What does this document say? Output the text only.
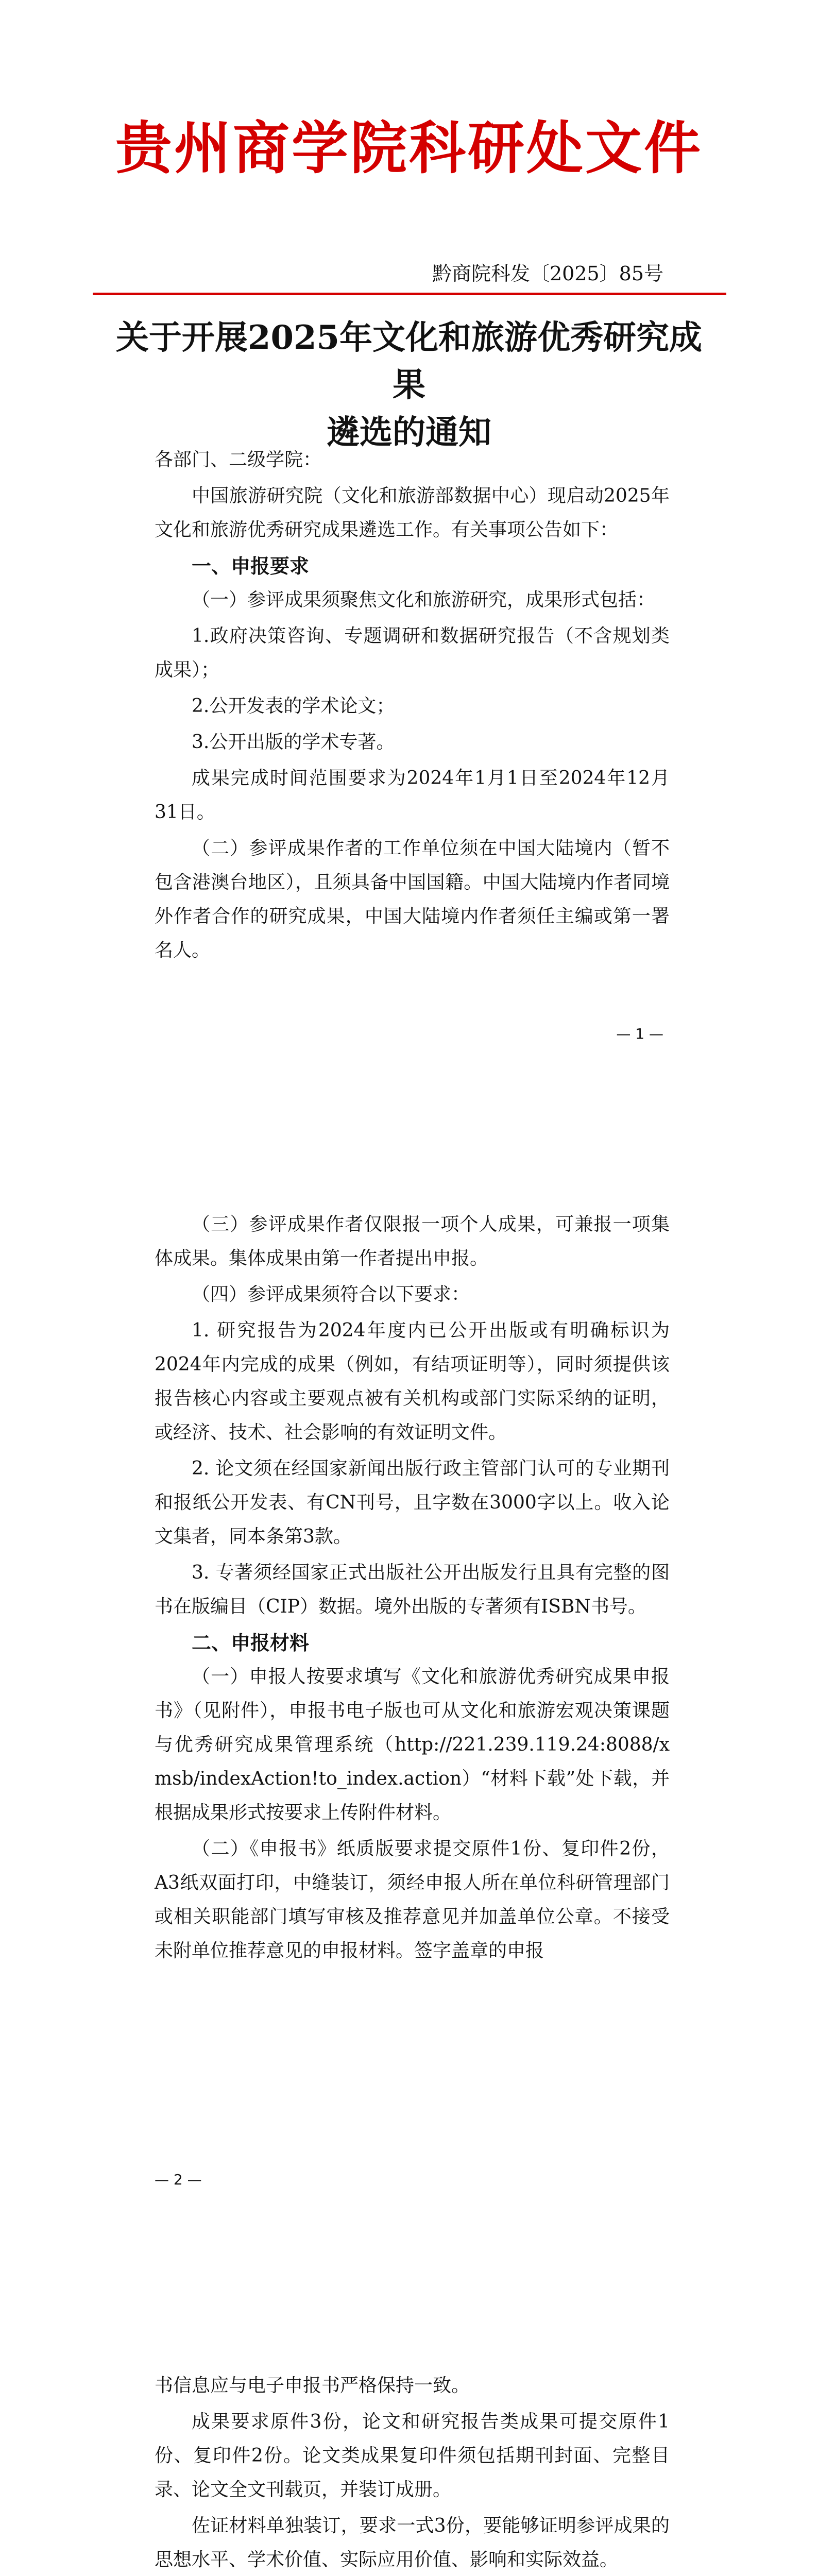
贵州商学院科研处文件
黔商院科发〔2025〕85号
关于开展2025年文化和旅游优秀研究成果
遴选的通知

各部门、二级学院：

中国旅游研究院（文化和旅游部数据中心）现启动2025年文化和旅游优秀研究成果遴选工作。有关事项公告如下：

一、申报要求

（一）参评成果须聚焦文化和旅游研究，成果形式包括：

1.政府决策咨询、专题调研和数据研究报告（不含规划类成果）；

2.公开发表的学术论文；

3.公开出版的学术专著。

成果完成时间范围要求为2024年1月1日至2024年12月31日。

（二）参评成果作者的工作单位须在中国大陆境内（暂不包含港澳台地区），且须具备中国国籍。中国大陆境内作者同境外作者合作的研究成果，中国大陆境内作者须任主编或第一署名人。

— 1 —

（三）参评成果作者仅限报一项个人成果，可兼报一项集体成果。集体成果由第一作者提出申报。

（四）参评成果须符合以下要求：

1. 研究报告为2024年度内已公开出版或有明确标识为2024年内完成的成果（例如，有结项证明等），同时须提供该报告核心内容或主要观点被有关机构或部门实际采纳的证明，或经济、技术、社会影响的有效证明文件。

2. 论文须在经国家新闻出版行政主管部门认可的专业期刊和报纸公开发表、有CN刊号，且字数在3000字以上。收入论文集者，同本条第3款。

3. 专著须经国家正式出版社公开出版发行且具有完整的图书在版编目（CIP）数据。境外出版的专著须有ISBN书号。

二、申报材料

（一）申报人按要求填写《文化和旅游优秀研究成果申报书》（见附件），申报书电子版也可从文化和旅游宏观决策课题与优秀研究成果管理系统（http://221.239.119.24:8088/xmsb/indexAction!to_index.action）“材料下载”处下载，并根据成果形式按要求上传附件材料。

（二）《申报书》纸质版要求提交原件1份、复印件2份，A3纸双面打印，中缝装订，须经申报人所在单位科研管理部门或相关职能部门填写审核及推荐意见并加盖单位公章。不接受未附单位推荐意见的申报材料。签字盖章的申报

— 2 —

书信息应与电子申报书严格保持一致。

成果要求原件3份，论文和研究报告类成果可提交原件1份、复印件2份。论文类成果复印件须包括期刊封面、完整目录、论文全文刊载页，并装订成册。

佐证材料单独装订，要求一式3份，要能够证明参评成果的思想水平、学术价值、实际应用价值、影响和实际效益。
